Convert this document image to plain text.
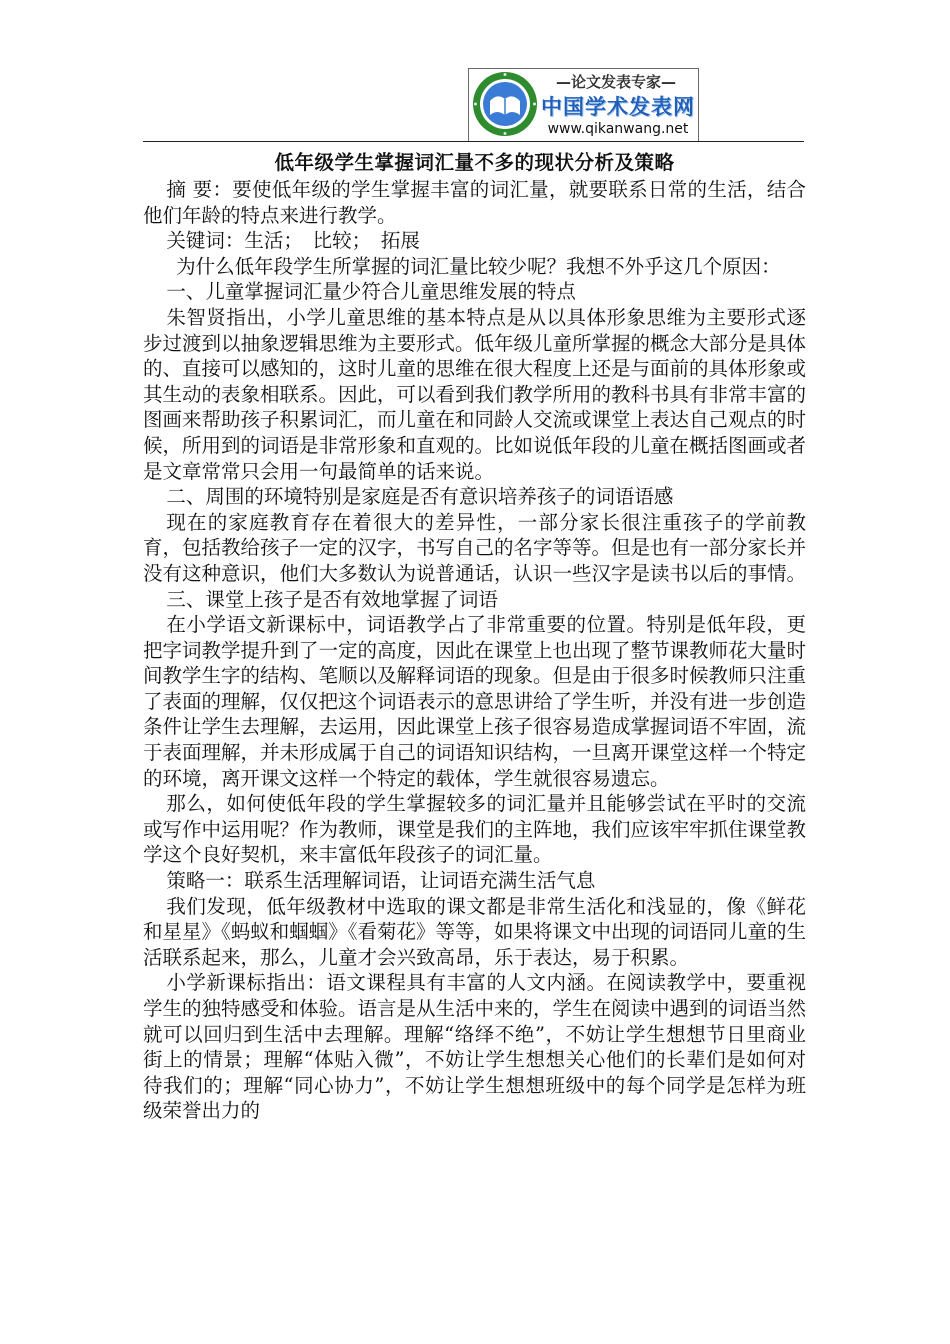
—论文发表专家—
中国学术发表网
www.qikanwang.net
低年级学生掌握词汇量不多的现状分析及策略

摘 要：要使低年级的学生掌握丰富的词汇量，就要联系日常的生活，结合他们年龄的特点来进行教学。

关键词：生活；　比较；　拓展

为什么低年段学生所掌握的词汇量比较少呢？我想不外乎这几个原因：

一、儿童掌握词汇量少符合儿童思维发展的特点

朱智贤指出，小学儿童思维的基本特点是从以具体形象思维为主要形式逐步过渡到以抽象逻辑思维为主要形式。低年级儿童所掌握的概念大部分是具体的、直接可以感知的，这时儿童的思维在很大程度上还是与面前的具体形象或其生动的表象相联系。因此，可以看到我们教学所用的教科书具有非常丰富的图画来帮助孩子积累词汇，而儿童在和同龄人交流或课堂上表达自己观点的时候，所用到的词语是非常形象和直观的。比如说低年段的儿童在概括图画或者是文章常常只会用一句最简单的话来说。

二、周围的环境特别是家庭是否有意识培养孩子的词语语感

现在的家庭教育存在着很大的差异性，一部分家长很注重孩子的学前教育，包括教给孩子一定的汉字，书写自己的名字等等。但是也有一部分家长并没有这种意识，他们大多数认为说普通话，认识一些汉字是读书以后的事情。

三、课堂上孩子是否有效地掌握了词语

在小学语文新课标中，词语教学占了非常重要的位置。特别是低年段，更把字词教学提升到了一定的高度，因此在课堂上也出现了整节课教师花大量时间教学生字的结构、笔顺以及解释词语的现象。但是由于很多时候教师只注重了表面的理解，仅仅把这个词语表示的意思讲给了学生听，并没有进一步创造条件让学生去理解，去运用，因此课堂上孩子很容易造成掌握词语不牢固，流于表面理解，并未形成属于自己的词语知识结构，一旦离开课堂这样一个特定的环境，离开课文这样一个特定的载体，学生就很容易遗忘。

那么，如何使低年段的学生掌握较多的词汇量并且能够尝试在平时的交流或写作中运用呢？作为教师，课堂是我们的主阵地，我们应该牢牢抓住课堂教学这个良好契机，来丰富低年段孩子的词汇量。

策略一：联系生活理解词语，让词语充满生活气息

我们发现，低年级教材中选取的课文都是非常生活化和浅显的，像《鲜花和星星》《蚂蚁和蝈蝈》《看菊花》等等，如果将课文中出现的词语同儿童的生活联系起来，那么，儿童才会兴致高昂，乐于表达，易于积累。

小学新课标指出：语文课程具有丰富的人文内涵。在阅读教学中，要重视学生的独特感受和体验。语言是从生活中来的，学生在阅读中遇到的词语当然就可以回归到生活中去理解。理解“络绎不绝”，不妨让学生想想节日里商业街上的情景；理解“体贴入微”，不妨让学生想想关心他们的长辈们是如何对待我们的；理解“同心协力”，不妨让学生想想班级中的每个同学是怎样为班级荣誉出力的
